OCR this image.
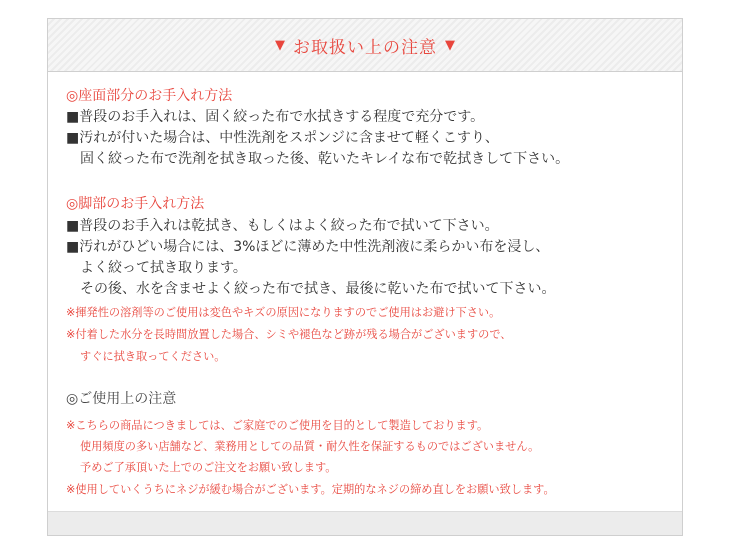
▼ お取扱い上の注意 ▼
◎座面部分のお手入れ方法
■普段のお手入れは、固く絞った布で水拭きする程度で充分です。
■汚れが付いた場合は、中性洗剤をスポンジに含ませて軽くこすり、
固く絞った布で洗剤を拭き取った後、乾いたキレイな布で乾拭きして下さい。
◎脚部のお手入れ方法
■普段のお手入れは乾拭き、もしくはよく絞った布で拭いて下さい。
■汚れがひどい場合には、3%ほどに薄めた中性洗剤液に柔らかい布を浸し、
よく絞って拭き取ります。
その後、水を含ませよく絞った布で拭き、最後に乾いた布で拭いて下さい。
※揮発性の溶剤等のご使用は変色やキズの原因になりますのでご使用はお避け下さい。
※付着した水分を長時間放置した場合、シミや褪色など跡が残る場合がございますので、
すぐに拭き取ってください。
◎ご使用上の注意
※こちらの商品につきましては、ご家庭でのご使用を目的として製造しております。
使用頻度の多い店舗など、業務用としての品質・耐久性を保証するものではございません。
予めご了承頂いた上でのご注文をお願い致します。
※使用していくうちにネジが緩む場合がございます。定期的なネジの締め直しをお願い致します。
